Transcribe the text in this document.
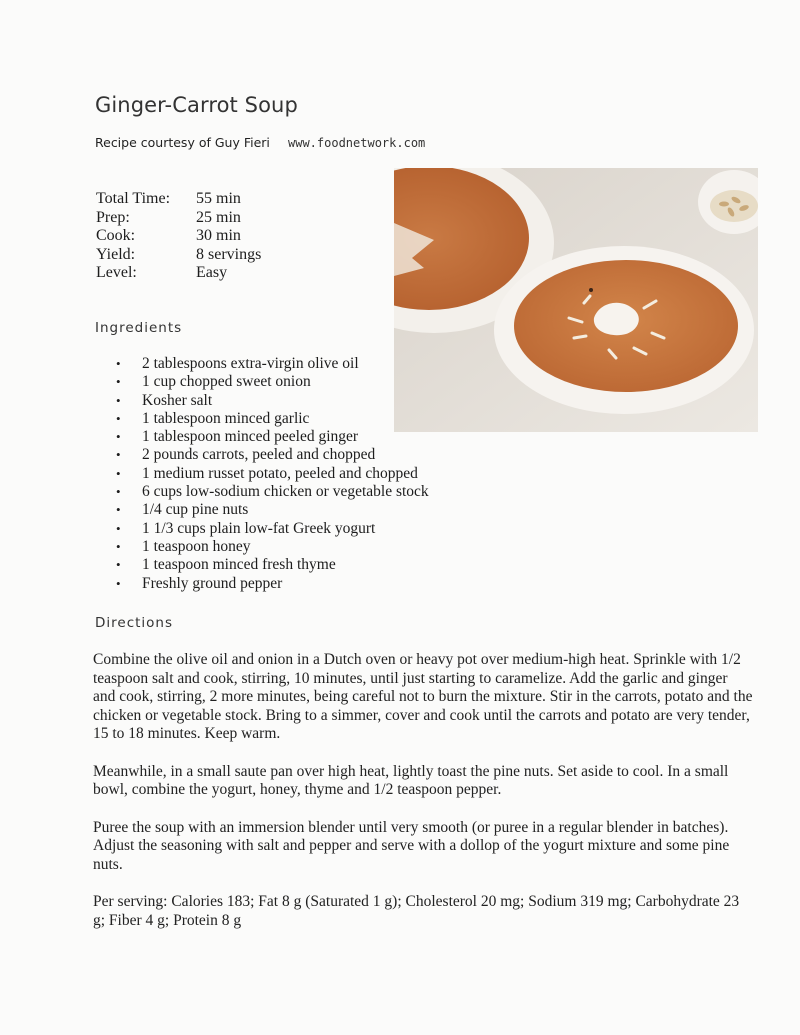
Ginger-Carrot Soup
Recipe courtesy of Guy Fieri www.foodnetwork.com
Total Time:	55 min
Prep:	25 min
Cook:	30 min
Yield:	8 servings
Level:	Easy
Ingredients
• 2 tablespoons extra-virgin olive oil
• 1 cup chopped sweet onion
• Kosher salt
• 1 tablespoon minced garlic
• 1 tablespoon minced peeled ginger
• 2 pounds carrots, peeled and chopped
• 1 medium russet potato, peeled and chopped
• 6 cups low-sodium chicken or vegetable stock
• 1/4 cup pine nuts
• 1 1/3 cups plain low-fat Greek yogurt
• 1 teaspoon honey
• 1 teaspoon minced fresh thyme
• Freshly ground pepper
Directions

Combine the olive oil and onion in a Dutch oven or heavy pot over medium-high heat. Sprinkle with 1/2 teaspoon salt and cook, stirring, 10 minutes, until just starting to caramelize. Add the garlic and ginger and cook, stirring, 2 more minutes, being careful not to burn the mixture. Stir in the carrots, potato and the chicken or vegetable stock. Bring to a simmer, cover and cook until the carrots and potato are very tender, 15 to 18 minutes. Keep warm.

Meanwhile, in a small saute pan over high heat, lightly toast the pine nuts. Set aside to cool. In a small bowl, combine the yogurt, honey, thyme and 1/2 teaspoon pepper.

Puree the soup with an immersion blender until very smooth (or puree in a regular blender in batches). Adjust the seasoning with salt and pepper and serve with a dollop of the yogurt mixture and some pine nuts.

Per serving: Calories 183; Fat 8 g (Saturated 1 g); Cholesterol 20 mg; Sodium 319 mg; Carbohydrate 23 g; Fiber 4 g; Protein 8 g
